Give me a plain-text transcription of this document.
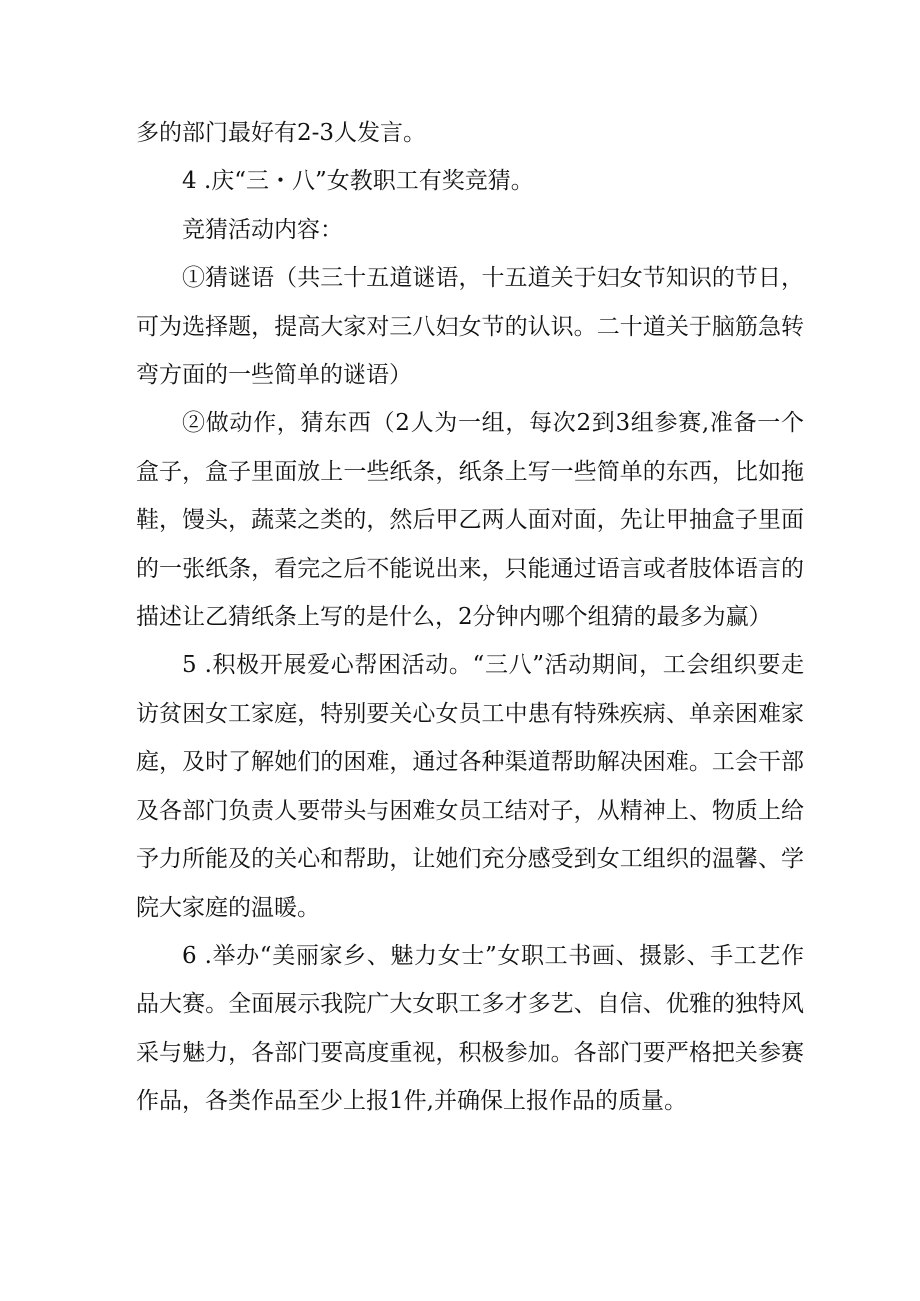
多的部门最好有2-3人发言。

4 .庆“三・八”女教职工有奖竞猜。

竞猜活动内容：

①猜谜语（共三十五道谜语，十五道关于妇女节知识的节日，可为选择题，提高大家对三八妇女节的认识。二十道关于脑筋急转弯方面的一些简单的谜语）

②做动作，猜东西（2人为一组，每次2到3组参赛,准备一个盒子，盒子里面放上一些纸条，纸条上写一些简单的东西，比如拖鞋，馒头，蔬菜之类的，然后甲乙两人面对面，先让甲抽盒子里面的一张纸条，看完之后不能说出来，只能通过语言或者肢体语言的描述让乙猜纸条上写的是什么，2分钟内哪个组猜的最多为赢）

5 .积极开展爱心帮困活动。“三八”活动期间，工会组织要走访贫困女工家庭，特别要关心女员工中患有特殊疾病、单亲困难家庭，及时了解她们的困难，通过各种渠道帮助解决困难。工会干部及各部门负责人要带头与困难女员工结对子，从精神上、物质上给予力所能及的关心和帮助，让她们充分感受到女工组织的温馨、学院大家庭的温暖。

6 .举办“美丽家乡、魅力女士”女职工书画、摄影、手工艺作品大赛。全面展示我院广大女职工多才多艺、自信、优雅的独特风采与魅力，各部门要高度重视，积极参加。各部门要严格把关参赛作品，各类作品至少上报1件,并确保上报作品的质量。
